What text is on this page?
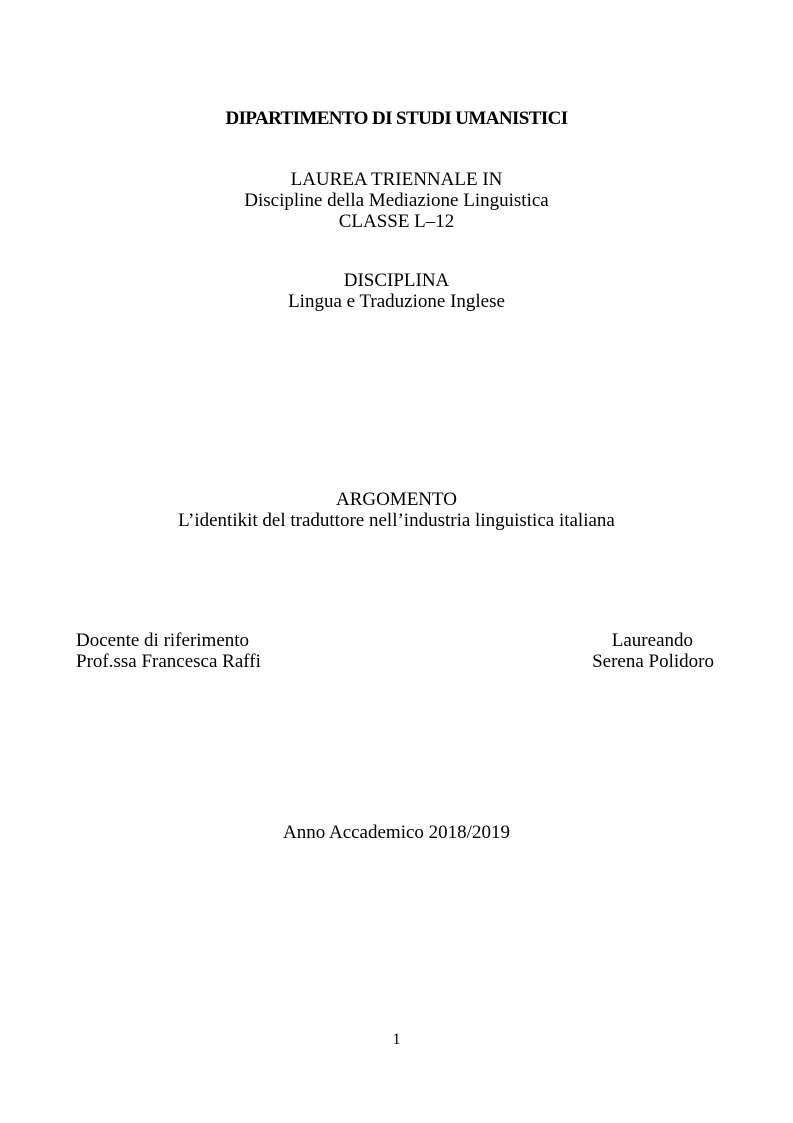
DIPARTIMENTO DI STUDI UMANISTICI
LAUREA TRIENNALE IN
Discipline della Mediazione Linguistica
CLASSE L–12
DISCIPLINA
Lingua e Traduzione Inglese
ARGOMENTO
L’identikit del traduttore nell’industria linguistica italiana
Docente di riferimento
Prof.ssa Francesca Raffi
Laureando
Serena Polidoro
Anno Accademico 2018/2019
1
